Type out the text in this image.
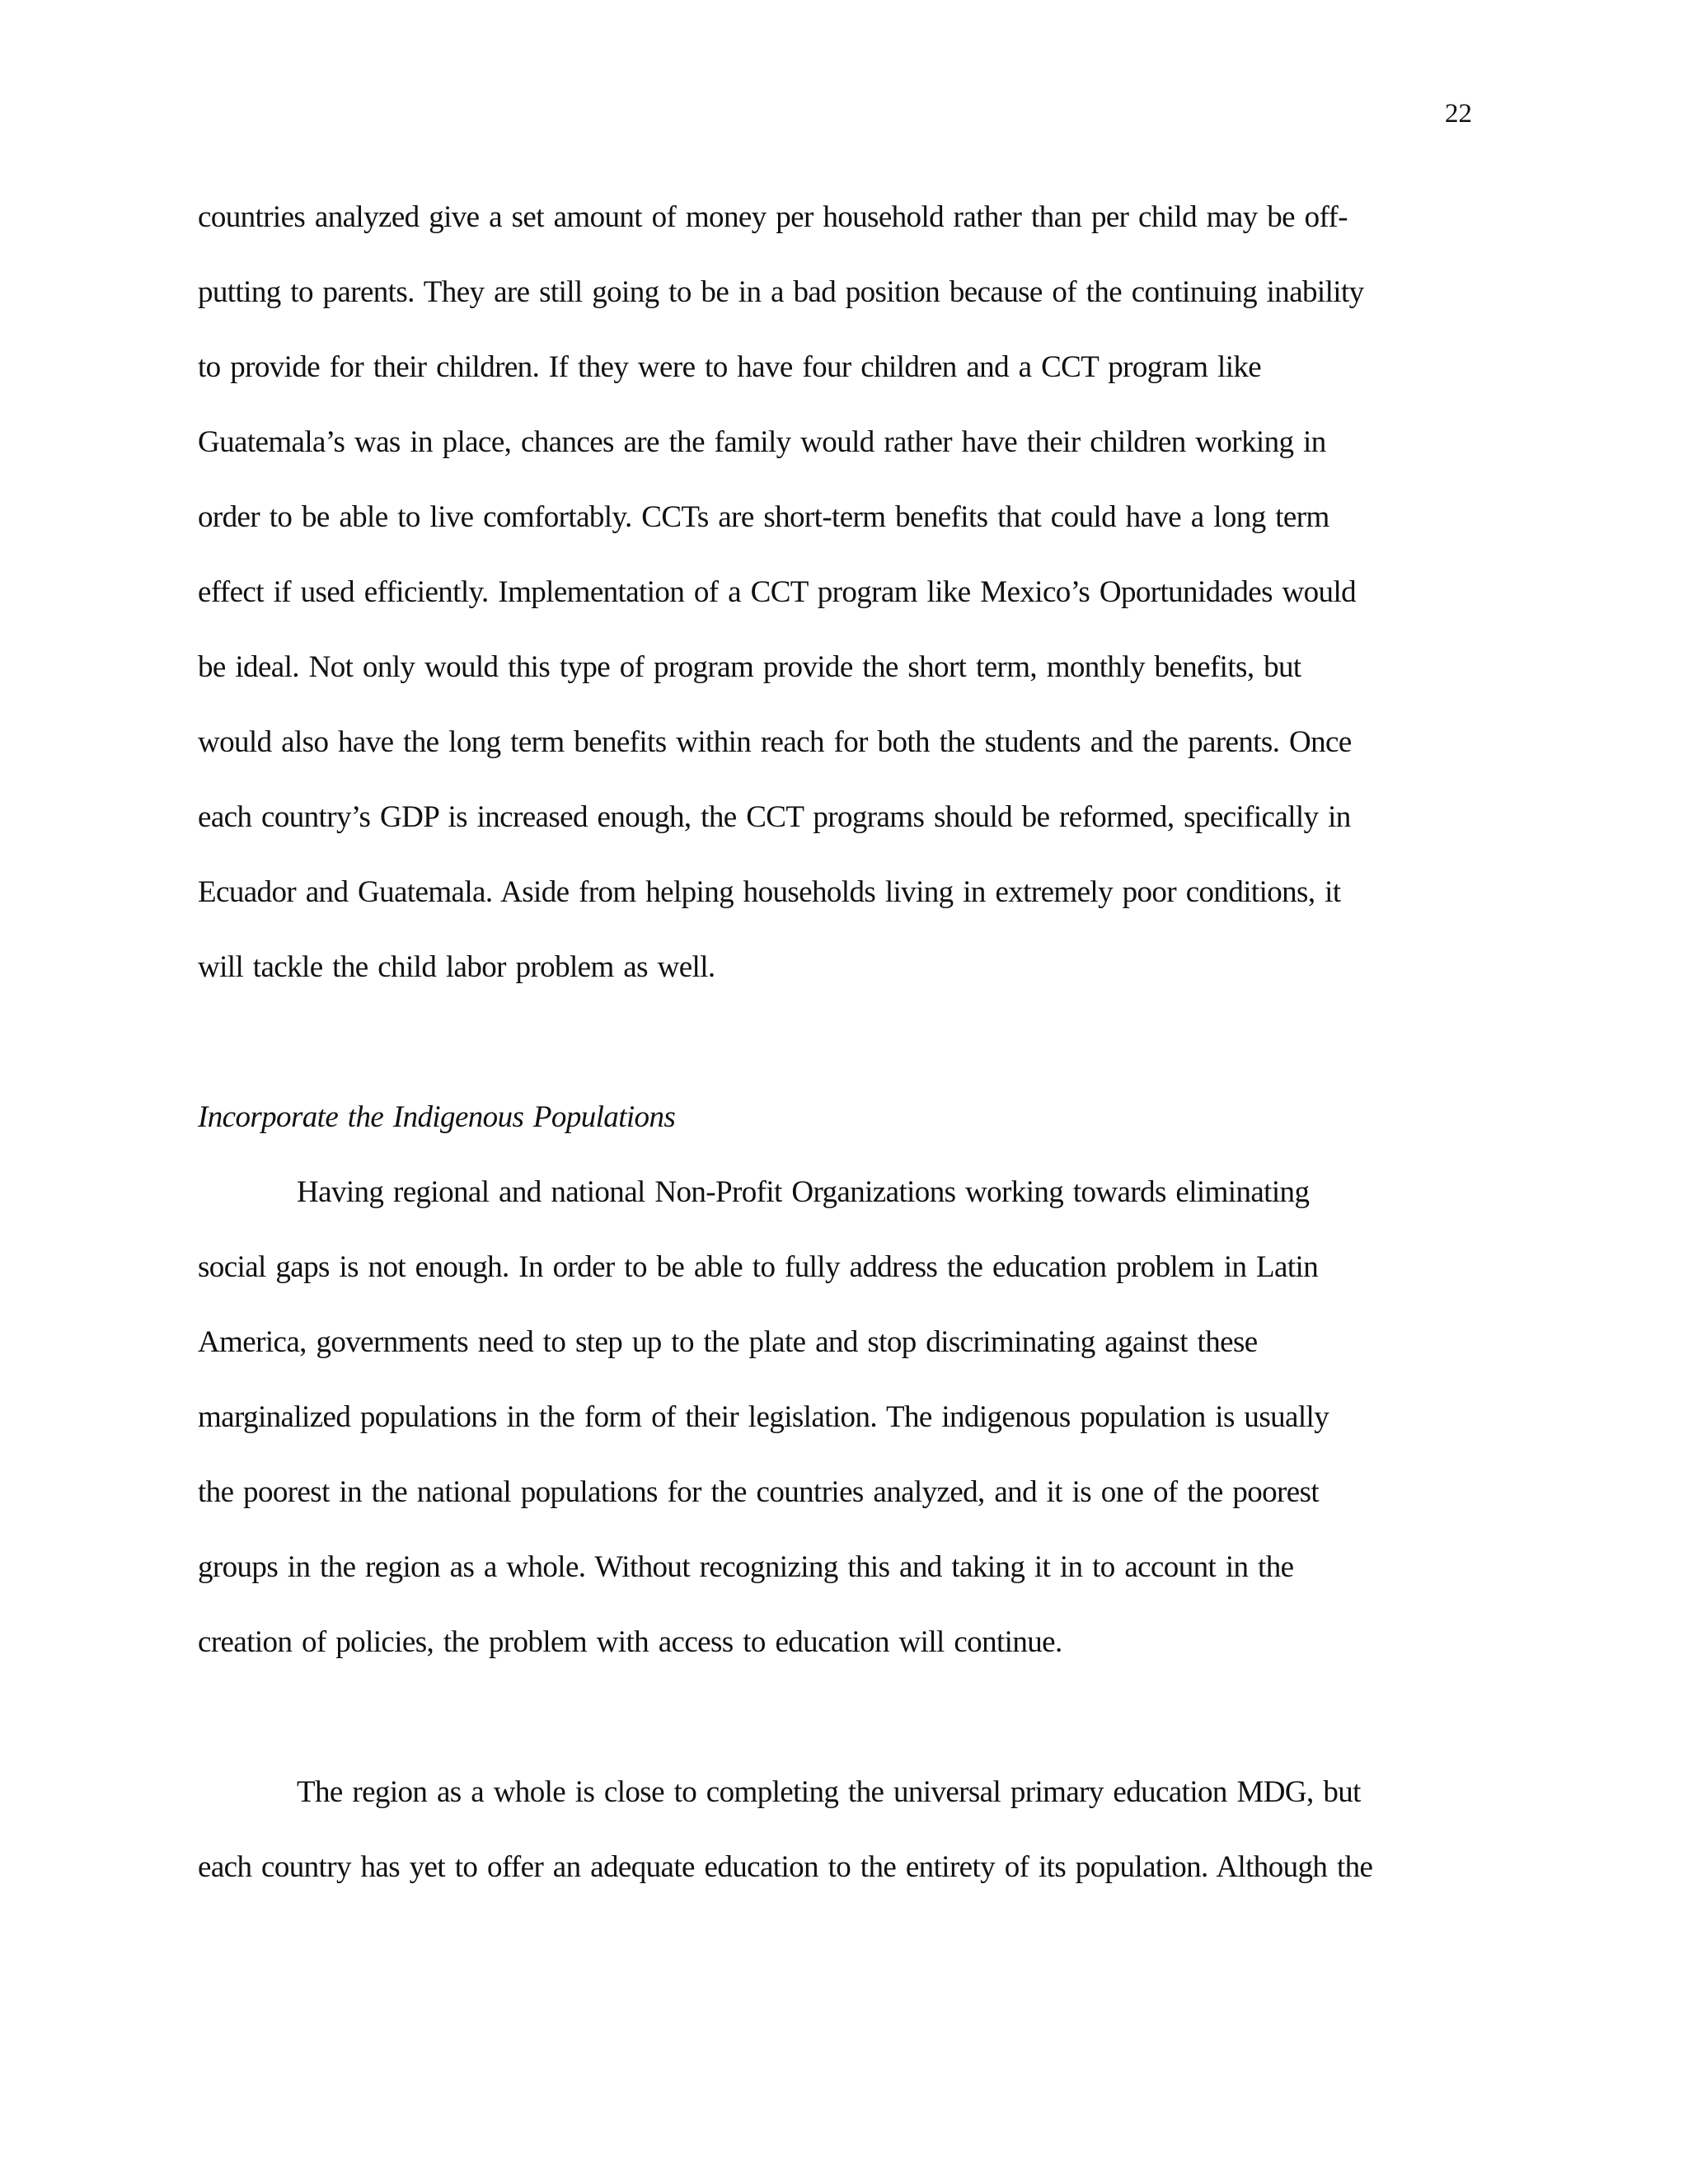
22
countries analyzed give a set amount of money per household rather than per child may be off-
putting to parents. They are still going to be in a bad position because of the continuing inability
to provide for their children. If they were to have four children and a CCT program like
Guatemala’s was in place, chances are the family would rather have their children working in
order to be able to live comfortably. CCTs are short-term benefits that could have a long term
effect if used efficiently. Implementation of a CCT program like Mexico’s Oportunidades would
be ideal. Not only would this type of program provide the short term, monthly benefits, but
would also have the long term benefits within reach for both the students and the parents. Once
each country’s GDP is increased enough, the CCT programs should be reformed, specifically in
Ecuador and Guatemala. Aside from helping households living in extremely poor conditions, it
will tackle the child labor problem as well.
Incorporate the Indigenous Populations
Having regional and national Non-Profit Organizations working towards eliminating
social gaps is not enough. In order to be able to fully address the education problem in Latin
America, governments need to step up to the plate and stop discriminating against these
marginalized populations in the form of their legislation. The indigenous population is usually
the poorest in the national populations for the countries analyzed, and it is one of the poorest
groups in the region as a whole. Without recognizing this and taking it in to account in the
creation of policies, the problem with access to education will continue.
The region as a whole is close to completing the universal primary education MDG, but
each country has yet to offer an adequate education to the entirety of its population. Although the
